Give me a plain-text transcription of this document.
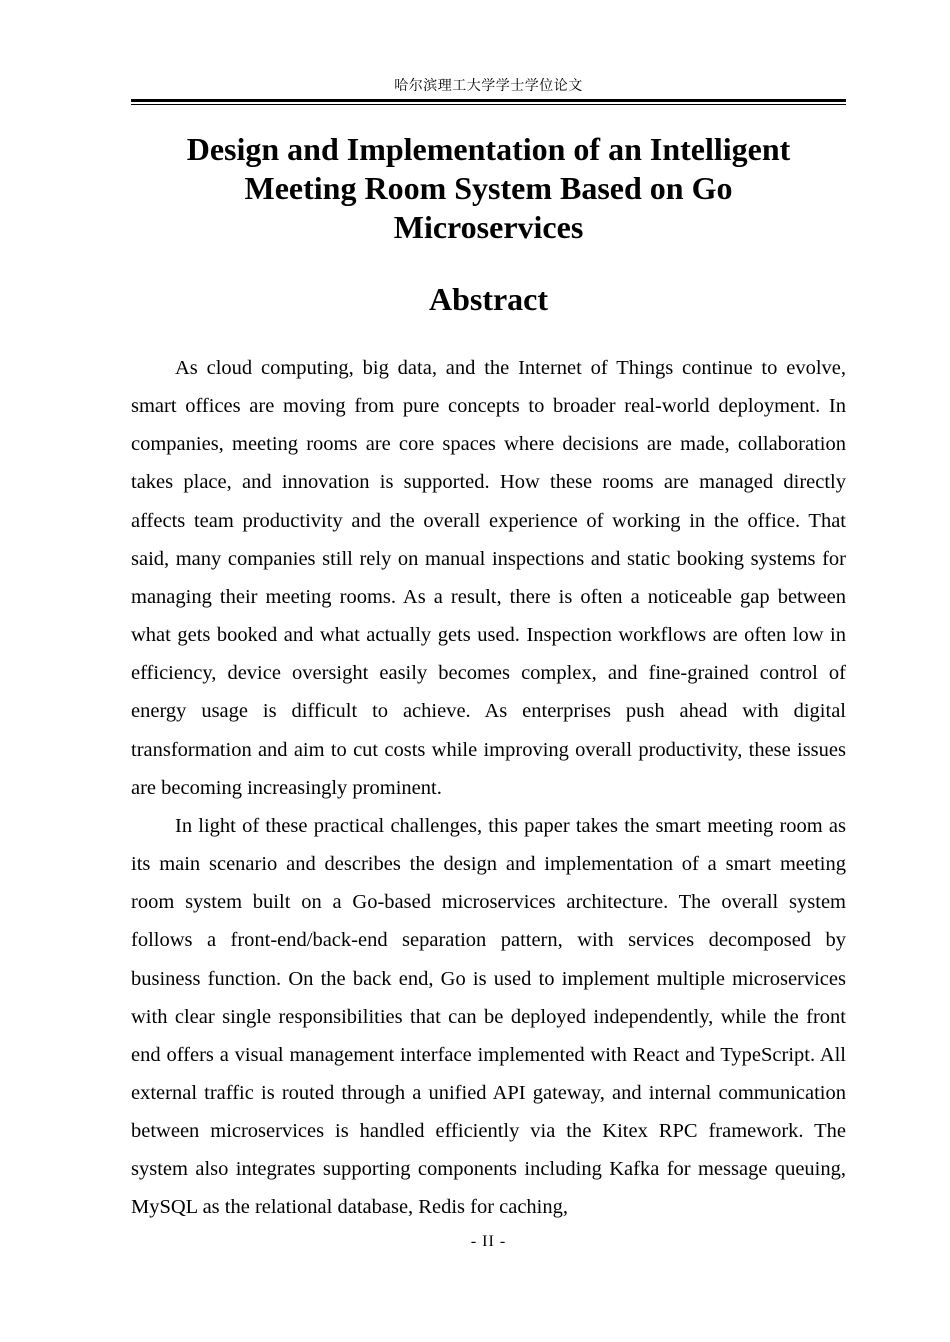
哈尔滨理工大学学士学位论文
Design and Implementation of an Intelligent
Meeting Room System Based on Go
Microservices
Abstract

As cloud computing, big data, and the Internet of Things continue to evolve, smart offices are moving from pure concepts to broader real-world deployment. In companies, meeting rooms are core spaces where decisions are made, collaboration takes place, and innovation is supported. How these rooms are managed directly affects team productivity and the overall experience of working in the office. That said, many companies still rely on manual inspections and static booking systems for managing their meeting rooms. As a result, there is often a noticeable gap between what gets booked and what actually gets used. Inspection workflows are often low in efficiency, device oversight easily becomes complex, and fine-grained control of energy usage is difficult to achieve. As enterprises push ahead with digital transformation and aim to cut costs while improving overall productivity, these issues are becoming increasingly prominent.

In light of these practical challenges, this paper takes the smart meeting room as its main scenario and describes the design and implementation of a smart meeting room system built on a Go-based microservices architecture. The overall system follows a front-end/back-end separation pattern, with services decomposed by business function. On the back end, Go is used to implement multiple microservices with clear single responsibilities that can be deployed independently, while the front end offers a visual management interface implemented with React and TypeScript. All external traffic is routed through a unified API gateway, and internal communication between microservices is handled efficiently via the Kitex RPC framework. The system also integrates supporting components including Kafka for message queuing, MySQL as the relational database, Redis for caching,

- II -
